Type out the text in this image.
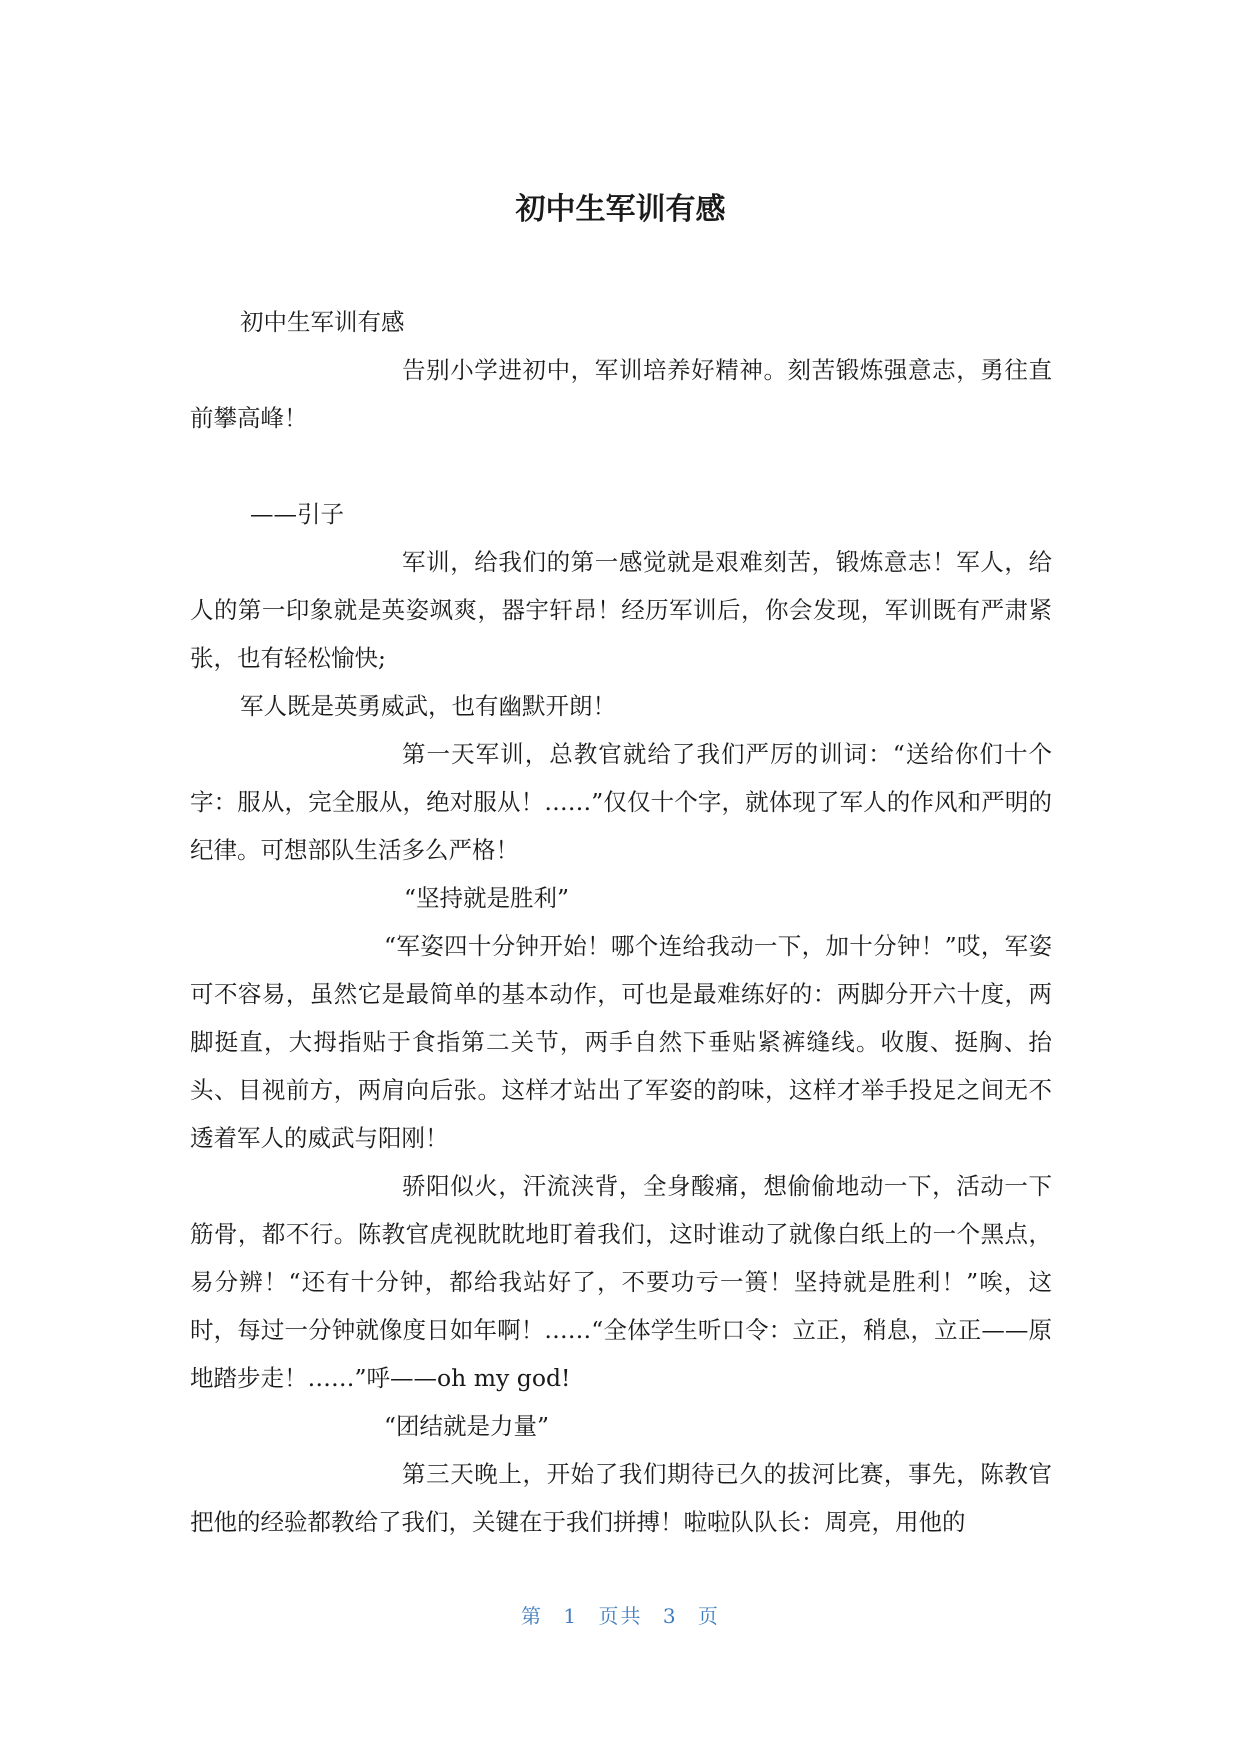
初中生军训有感

初中生军训有感

告别小学进初中，军训培养好精神。刻苦锻炼强意志，勇往直前攀高峰！

——引子

军训，给我们的第一感觉就是艰难刻苦，锻炼意志！军人，给人的第一印象就是英姿飒爽，器宇轩昂！经历军训后，你会发现，军训既有严肃紧张，也有轻松愉快;

军人既是英勇威武，也有幽默开朗！

第一天军训，总教官就给了我们严厉的训词：“送给你们十个字：服从，完全服从，绝对服从！……”仅仅十个字，就体现了军人的作风和严明的纪律。可想部队生活多么严格！

“坚持就是胜利”

“军姿四十分钟开始！哪个连给我动一下，加十分钟！”哎，军姿可不容易，虽然它是最简单的基本动作，可也是最难练好的：两脚分开六十度，两脚挺直，大拇指贴于食指第二关节，两手自然下垂贴紧裤缝线。收腹、挺胸、抬头、目视前方，两肩向后张。这样才站出了军姿的韵味，这样才举手投足之间无不透着军人的威武与阳刚！

骄阳似火，汗流浃背，全身酸痛，想偷偷地动一下，活动一下筋骨，都不行。陈教官虎视眈眈地盯着我们，这时谁动了就像白纸上的一个黑点，易分辨！“还有十分钟，都给我站好了，不要功亏一篑！坚持就是胜利！”唉，这时，每过一分钟就像度日如年啊！……“全体学生听口令：立正，稍息，立正——原地踏步走！……”呼——oh my god!

“团结就是力量”

第三天晚上，开始了我们期待已久的拔河比赛，事先，陈教官把他的经验都教给了我们，关键在于我们拼搏！啦啦队队长：周亮，用他的

第 1 页共 3 页
